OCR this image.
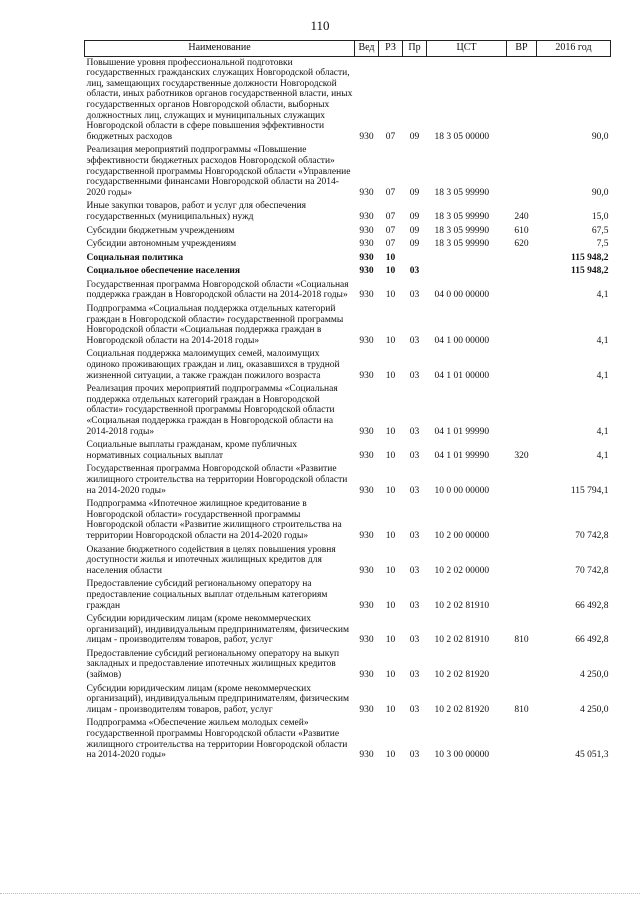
110
Наименование	Вед	РЗ	Пр	ЦСТ	ВР	2016 год
Повышение уровня профессиональной подготовки государственных гражданских служащих Новгородской области, лиц, замещающих государственные должности Новгородской области, иных работников органов государственной власти, иных государственных органов Новгородской области, выборных должностных лиц, служащих и муниципальных служащих Новгородской области в сфере повышения эффективности бюджетных расходов	930	07	09	18 3 05 00000		90,0
Реализация мероприятий подпрограммы «Повышение эффективности бюджетных расходов Новгородской области» государственной программы Новгородской области «Управление государственными финансами Новгородской области на 2014-2020 годы»	930	07	09	18 3 05 99990		90,0
Иные закупки товаров, работ и услуг для обеспечения государственных (муниципальных) нужд	930	07	09	18 3 05 99990	240	15,0
Субсидии бюджетным учреждениям	930	07	09	18 3 05 99990	610	67,5
Субсидии автономным учреждениям	930	07	09	18 3 05 99990	620	7,5
Социальная политика	930	10				115 948,2
Социальное обеспечение населения	930	10	03			115 948,2
Государственная программа Новгородской области «Социальная поддержка граждан в Новгородской области на 2014-2018 годы»	930	10	03	04 0 00 00000		4,1
Подпрограмма «Социальная поддержка отдельных категорий граждан в Новгородской области» государственной программы Новгородской области «Социальная поддержка граждан в Новгородской области на 2014-2018 годы»	930	10	03	04 1 00 00000		4,1
Социальная поддержка малоимущих семей, малоимущих одиноко проживающих граждан и лиц, оказавшихся в трудной жизненной ситуации, а также граждан пожилого возраста	930	10	03	04 1 01 00000		4,1
Реализация прочих мероприятий подпрограммы «Социальная поддержка отдельных категорий граждан в Новгородской области» государственной программы Новгородской области «Социальная поддержка граждан в Новгородской области на 2014-2018 годы»	930	10	03	04 1 01 99990		4,1
Социальные выплаты гражданам, кроме публичных нормативных социальных выплат	930	10	03	04 1 01 99990	320	4,1
Государственная программа Новгородской области «Развитие жилищного строительства на территории Новгородской области на 2014-2020 годы»	930	10	03	10 0 00 00000		115 794,1
Подпрограмма «Ипотечное жилищное кредитование в Новгородской области» государственной программы Новгородской области «Развитие жилищного строительства на территории Новгородской области на 2014-2020 годы»	930	10	03	10 2 00 00000		70 742,8
Оказание бюджетного содействия в целях повышения уровня доступности жилья и ипотечных жилищных кредитов для населения области	930	10	03	10 2 02 00000		70 742,8
Предоставление субсидий региональному оператору на предоставление социальных выплат отдельным категориям граждан	930	10	03	10 2 02 81910		66 492,8
Субсидии юридическим лицам (кроме некоммерческих организаций), индивидуальным предпринимателям, физическим лицам - производителям товаров, работ, услуг	930	10	03	10 2 02 81910	810	66 492,8
Предоставление субсидий региональному оператору на выкуп закладных и предоставление ипотечных жилищных кредитов (займов)	930	10	03	10 2 02 81920		4 250,0
Субсидии юридическим лицам (кроме некоммерческих организаций), индивидуальным предпринимателям, физическим лицам - производителям товаров, работ, услуг	930	10	03	10 2 02 81920	810	4 250,0
Подпрограмма «Обеспечение жильем молодых семей» государственной программы Новгородской области «Развитие жилищного строительства на территории Новгородской области на 2014-2020 годы»	930	10	03	10 3 00 00000		45 051,3
